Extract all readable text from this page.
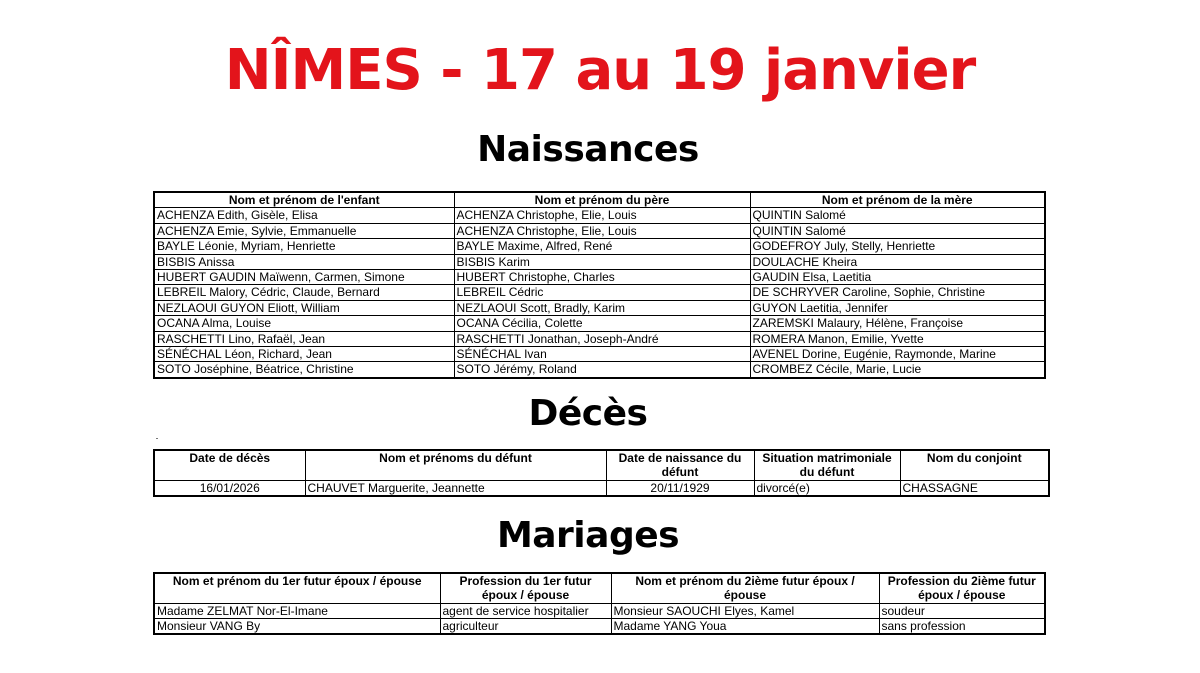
NÎMES - 17 au 19 janvier
Naissances
Nom et prénom de l'enfant	Nom et prénom du père	Nom et prénom de la mère
ACHENZA Edith, Gisèle, Elisa	ACHENZA Christophe, Elie, Louis	QUINTIN Salomé
ACHENZA Emie, Sylvie, Emmanuelle	ACHENZA Christophe, Elie, Louis	QUINTIN Salomé
BAYLE Léonie, Myriam, Henriette	BAYLE Maxime, Alfred, René	GODEFROY July, Stelly, Henriette
BISBIS Anissa	BISBIS Karim	DOULACHE Kheira
HUBERT GAUDIN Maïwenn, Carmen, Simone	HUBERT Christophe, Charles	GAUDIN Elsa, Laetitia
LEBREIL Malory, Cédric, Claude, Bernard	LEBREIL Cédric	DE SCHRYVER Caroline, Sophie, Christine
NEZLAOUI GUYON Eliott, William	NEZLAOUI Scott, Bradly, Karim	GUYON Laetitia, Jennifer
OCANA Alma, Louise	OCANA Cécilia, Colette	ZAREMSKI Malaury, Hélène, Françoise
RASCHETTI Lino, Rafaël, Jean	RASCHETTI Jonathan, Joseph-André	ROMERA Manon, Emilie, Yvette
SÉNÉCHAL Léon, Richard, Jean	SÉNÉCHAL Ivan	AVENEL Dorine, Eugénie, Raymonde, Marine
SOTO Joséphine, Béatrice, Christine	SOTO Jérémy, Roland	CROMBEZ Cécile, Marie, Lucie
Décès
Date de décès	Nom et prénoms du défunt	Date de naissance du défunt	Situation matrimoniale du défunt	Nom du conjoint
16/01/2026	CHAUVET Marguerite, Jeannette	20/11/1929	divorcé(e)	CHASSAGNE
Mariages
Nom et prénom du 1er futur époux / épouse	Profession du 1er futur époux / épouse	Nom et prénom du 2ième futur époux / épouse	Profession du 2ième futur époux / épouse
Madame ZELMAT Nor-El-Imane	agent de service hospitalier	Monsieur SAOUCHI Elyes, Kamel	soudeur
Monsieur VANG By	agriculteur	Madame YANG Youa	sans profession
